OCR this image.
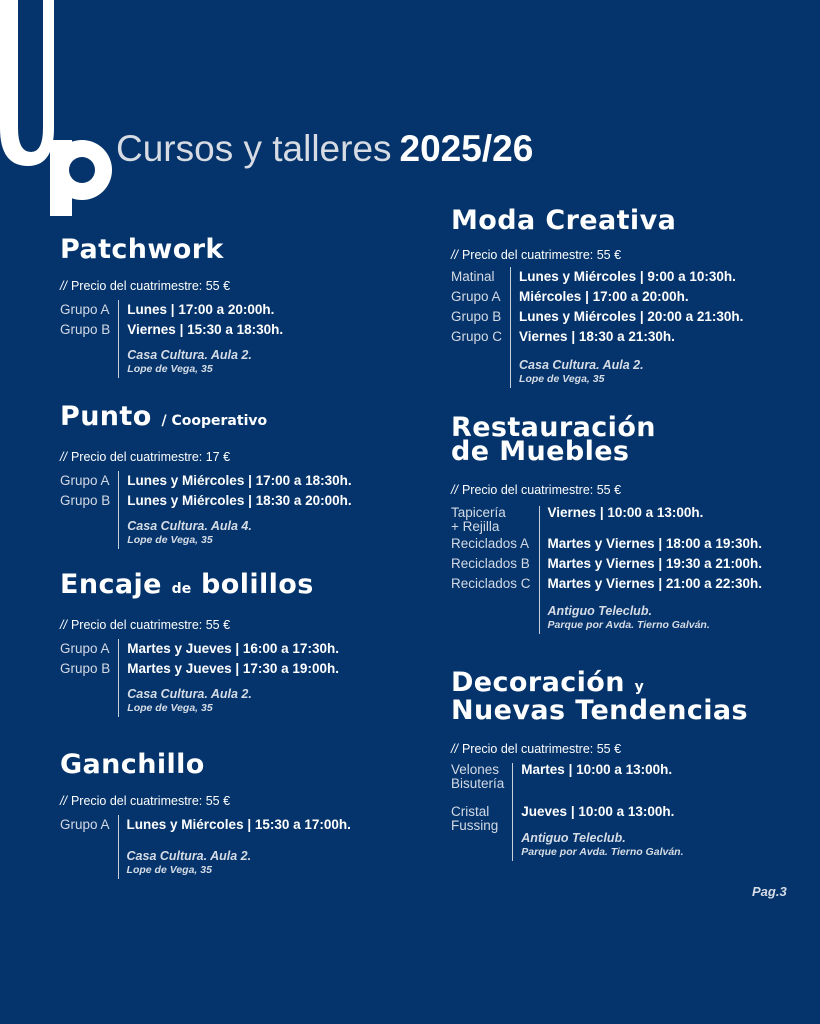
Cursos y talleres 2025/26
Patchwork
// Precio del cuatrimestre: 55 €
Grupo A
Grupo B
Lunes | 17:00 a 20:00h.
Viernes | 15:30 a 18:30h.
Casa Cultura. Aula 2.
Lope de Vega, 35
Punto / Cooperativo
// Precio del cuatrimestre: 17 €
Grupo A
Grupo B
Lunes y Miércoles | 17:00 a 18:30h.
Lunes y Miércoles | 18:30 a 20:00h.
Casa Cultura. Aula 4.
Lope de Vega, 35
Encaje de bolillos
// Precio del cuatrimestre: 55 €
Grupo A
Grupo B
Martes y Jueves | 16:00 a 17:30h.
Martes y Jueves | 17:30 a 19:00h.
Casa Cultura. Aula 2.
Lope de Vega, 35
Ganchillo
// Precio del cuatrimestre: 55 €
Grupo A Lunes y Miércoles | 15:30 a 17:00h.
Casa Cultura. Aula 2.
Lope de Vega, 35
Moda Creativa
// Precio del cuatrimestre: 55 €
Matinal
Grupo A
Grupo B
Grupo C
Lunes y Miércoles | 9:00 a 10:30h.
Miércoles | 17:00 a 20:00h.
Lunes y Miércoles | 20:00 a 21:30h.
Viernes | 18:30 a 21:30h.
Casa Cultura. Aula 2.
Lope de Vega, 35
Restauración
de Muebles
// Precio del cuatrimestre: 55 €
Tapicería
+ Rejilla
Reciclados A
Reciclados B
Reciclados C
Viernes | 10:00 a 13:00h.
Martes y Viernes | 18:00 a 19:30h.
Martes y Viernes | 19:30 a 21:00h.
Martes y Viernes | 21:00 a 22:30h.
Antiguo Teleclub.
Parque por Avda. Tierno Galván.
Decoración y
Nuevas Tendencias
// Precio del cuatrimestre: 55 €
Velones
Bisutería
Cristal
Fussing
Martes | 10:00 a 13:00h.
Jueves | 10:00 a 13:00h.
Antiguo Teleclub.
Parque por Avda. Tierno Galván.
Pag.3
